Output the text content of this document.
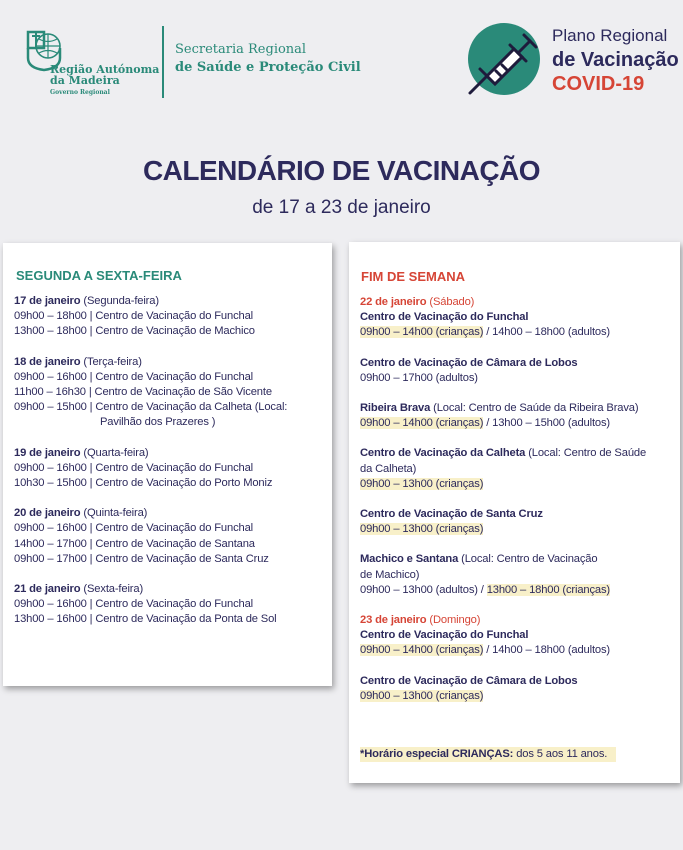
Região Autónoma
da Madeira
Governo Regional
Secretaria Regional
de Saúde e Proteção Civil
Plano Regional
de Vacinação
COVID-19
CALENDÁRIO DE VACINAÇÃO
de 17 a 23 de janeiro
SEGUNDA A SEXTA-FEIRA
17 de janeiro (Segunda-feira)
09h00 – 18h00 | Centro de Vacinação do Funchal
13h00 – 18h00 | Centro de Vacinação de Machico
18 de janeiro (Terça-feira)
09h00 – 16h00 | Centro de Vacinação do Funchal
11h00 – 16h30 | Centro de Vacinação de São Vicente
09h00 – 15h00 | Centro de Vacinação da Calheta (Local:
Pavilhão dos Prazeres )
19 de janeiro (Quarta-feira)
09h00 – 16h00 | Centro de Vacinação do Funchal
10h30 – 15h00 | Centro de Vacinação do Porto Moniz
20 de janeiro (Quinta-feira)
09h00 – 16h00 | Centro de Vacinação do Funchal
14h00 – 17h00 | Centro de Vacinação de Santana
09h00 – 17h00 | Centro de Vacinação de Santa Cruz
21 de janeiro (Sexta-feira)
09h00 – 16h00 | Centro de Vacinação do Funchal
13h00 – 16h00 | Centro de Vacinação da Ponta de Sol
FIM DE SEMANA
22 de janeiro (Sábado)
Centro de Vacinação do Funchal
09h00 – 14h00 (crianças) / 14h00 – 18h00 (adultos)
Centro de Vacinação de Câmara de Lobos
09h00 – 17h00 (adultos)
Ribeira Brava (Local: Centro de Saúde da Ribeira Brava)
09h00 – 14h00 (crianças) / 13h00 – 15h00 (adultos)
Centro de Vacinação da Calheta (Local: Centro de Saúde
da Calheta)
09h00 – 13h00 (crianças)
Centro de Vacinação de Santa Cruz
09h00 – 13h00 (crianças)
Machico e Santana (Local: Centro de Vacinação
de Machico)
09h00 – 13h00 (adultos) / 13h00 – 18h00 (crianças)
23 de janeiro (Domingo)
Centro de Vacinação do Funchal
09h00 – 14h00 (crianças) / 14h00 – 18h00 (adultos)
Centro de Vacinação de Câmara de Lobos
09h00 – 13h00 (crianças)
*Horário especial CRIANÇAS: dos 5 aos 11 anos.
